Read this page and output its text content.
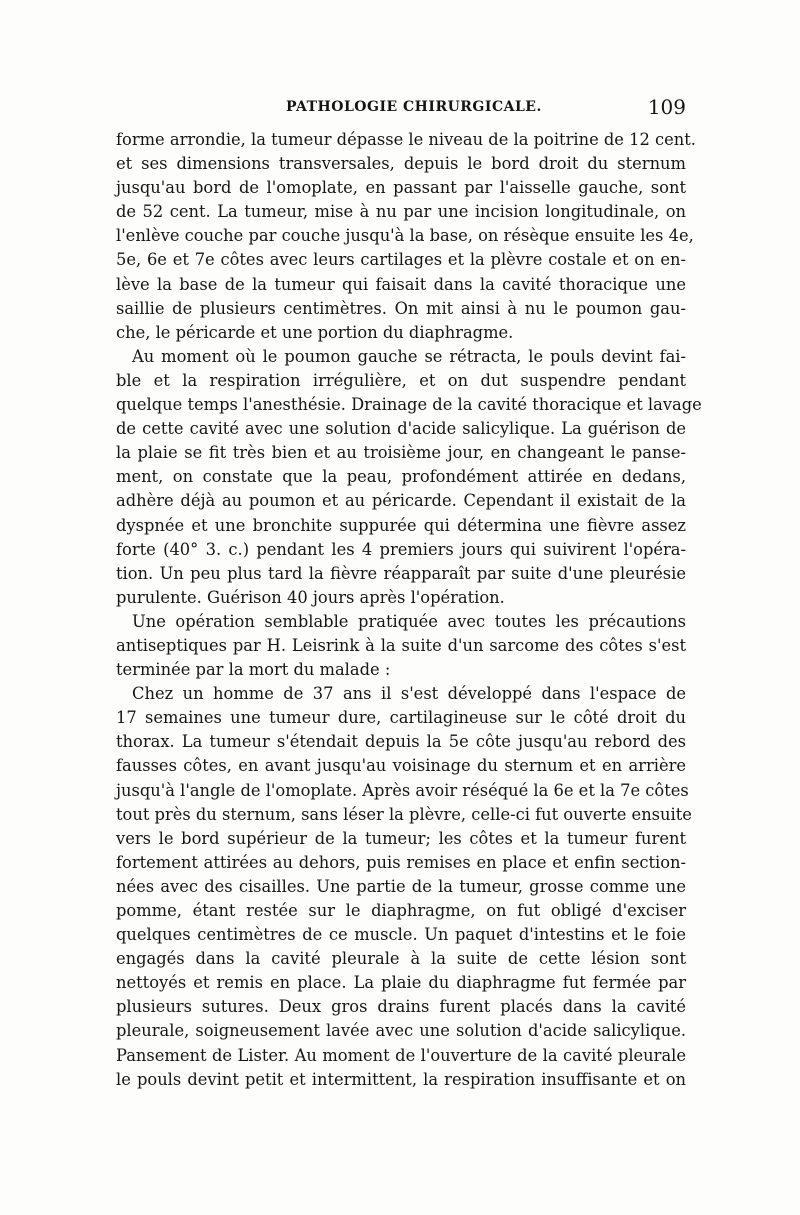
PATHOLOGIE CHIRURGICALE.	109
forme arrondie, la tumeur dépasse le niveau de la poitrine de 12 cent.
et ses dimensions transversales, depuis le bord droit du sternum
jusqu'au bord de l'omoplate, en passant par l'aisselle gauche, sont
de 52 cent. La tumeur, mise à nu par une incision longitudinale, on
l'enlève couche par couche jusqu'à la base, on résèque ensuite les 4e,
5e, 6e et 7e côtes avec leurs cartilages et la plèvre costale et on en-
lève la base de la tumeur qui faisait dans la cavité thoracique une
saillie de plusieurs centimètres. On mit ainsi à nu le poumon gau-
che, le péricarde et une portion du diaphragme.
Au moment où le poumon gauche se rétracta, le pouls devint fai-
ble et la respiration irrégulière, et on dut suspendre pendant
quelque temps l'anesthésie. Drainage de la cavité thoracique et lavage
de cette cavité avec une solution d'acide salicylique. La guérison de
la plaie se fit très bien et au troisième jour, en changeant le panse-
ment, on constate que la peau, profondément attirée en dedans,
adhère déjà au poumon et au péricarde. Cependant il existait de la
dyspnée et une bronchite suppurée qui détermina une fièvre assez
forte (40° 3. c.) pendant les 4 premiers jours qui suivirent l'opéra-
tion. Un peu plus tard la fièvre réapparaît par suite d'une pleurésie
purulente. Guérison 40 jours après l'opération.
Une opération semblable pratiquée avec toutes les précautions
antiseptiques par H. Leisrink à la suite d'un sarcome des côtes s'est
terminée par la mort du malade :
Chez un homme de 37 ans il s'est développé dans l'espace de
17 semaines une tumeur dure, cartilagineuse sur le côté droit du
thorax. La tumeur s'étendait depuis la 5e côte jusqu'au rebord des
fausses côtes, en avant jusqu'au voisinage du sternum et en arrière
jusqu'à l'angle de l'omoplate. Après avoir réséqué la 6e et la 7e côtes
tout près du sternum, sans léser la plèvre, celle-ci fut ouverte ensuite
vers le bord supérieur de la tumeur; les côtes et la tumeur furent
fortement attirées au dehors, puis remises en place et enfin section-
nées avec des cisailles. Une partie de la tumeur, grosse comme une
pomme, étant restée sur le diaphragme, on fut obligé d'exciser
quelques centimètres de ce muscle. Un paquet d'intestins et le foie
engagés dans la cavité pleurale à la suite de cette lésion sont
nettoyés et remis en place. La plaie du diaphragme fut fermée par
plusieurs sutures. Deux gros drains furent placés dans la cavité
pleurale, soigneusement lavée avec une solution d'acide salicylique.
Pansement de Lister. Au moment de l'ouverture de la cavité pleurale
le pouls devint petit et intermittent, la respiration insuffisante et on
